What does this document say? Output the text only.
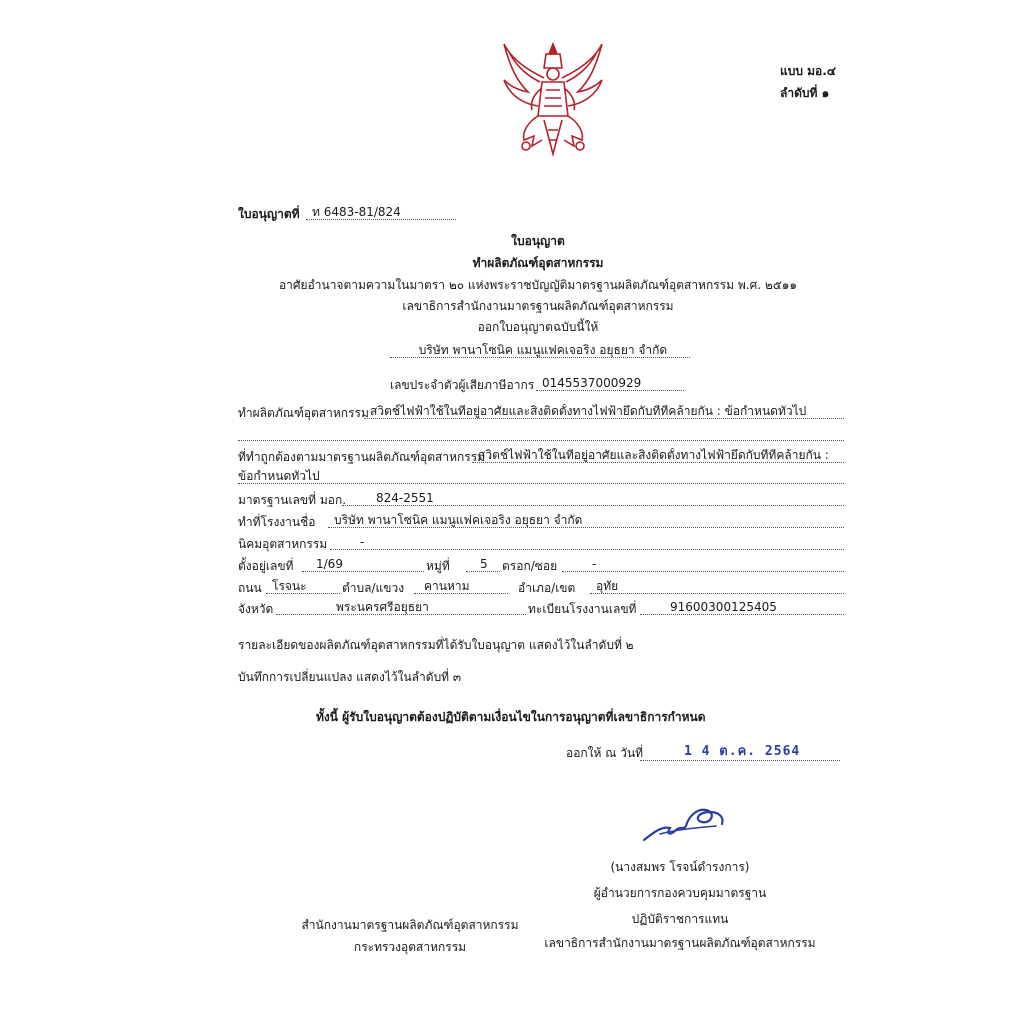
แบบ มอ.๔
ลำดับที่ ๑
ใบอนุญาตที่	ท 6483-81/824
ใบอนุญาต
ทำผลิตภัณฑ์อุตสาหกรรม
อาศัยอำนาจตามความในมาตรา ๒๐ แห่งพระราชบัญญัติมาตรฐานผลิตภัณฑ์อุตสาหกรรม พ.ศ. ๒๕๑๑
เลขาธิการสำนักงานมาตรฐานผลิตภัณฑ์อุตสาหกรรม
ออกใบอนุญาตฉบับนี้ให้
บริษัท พานาโซนิค แมนูแฟคเจอริ่ง อยุธยา จำกัด
เลขประจำตัวผู้เสียภาษีอากร 0145537000929
ทำผลิตภัณฑ์อุตสาหกรรม สวิตช์ไฟฟ้าใช้ในที่อยู่อาศัยและสิ่งติดตั้งทางไฟฟ้ายึดกับที่ที่คล้ายกัน : ข้อกำหนดทั่วไป
ที่ทำถูกต้องตามมาตรฐานผลิตภัณฑ์อุตสาหกรรม
สวิตช์ไฟฟ้าใช้ในที่อยู่อาศัยและสิ่งติดตั้งทางไฟฟ้ายึดกับที่ที่คล้ายกัน :
ข้อกำหนดทั่วไป
มาตรฐานเลขที่ มอก.	824-2551
ทำที่โรงงานชื่อ	บริษัท พานาโซนิค แมนูแฟคเจอริ่ง อยุธยา จำกัด
นิคมอุตสาหกรรม	-
ตั้งอยู่เลขที่	1/69	หมู่ที่	5	ตรอก/ซอย	-
ถนน โรจนะ	ตำบล/แขวง	คานหาม	อำเภอ/เขต	อุทัย
จังหวัด	พระนครศรีอยุธยา	ทะเบียนโรงงานเลขที่	91600300125405
รายละเอียดของผลิตภัณฑ์อุตสาหกรรมที่ได้รับใบอนุญาต แสดงไว้ในลำดับที่ ๒
บันทึกการเปลี่ยนแปลง แสดงไว้ในลำดับที่ ๓
ทั้งนี้ ผู้รับใบอนุญาตต้องปฏิบัติตามเงื่อนไขในการอนุญาตที่เลขาธิการกำหนด
ออกให้ ณ วันที่	1 4 ต.ค. 2564
(นางสมพร โรจน์ดำรงการ)
ผู้อำนวยการกองควบคุมมาตรฐาน
ปฏิบัติราชการแทน
เลขาธิการสำนักงานมาตรฐานผลิตภัณฑ์อุตสาหกรรม
สำนักงานมาตรฐานผลิตภัณฑ์อุตสาหกรรม
กระทรวงอุตสาหกรรม
